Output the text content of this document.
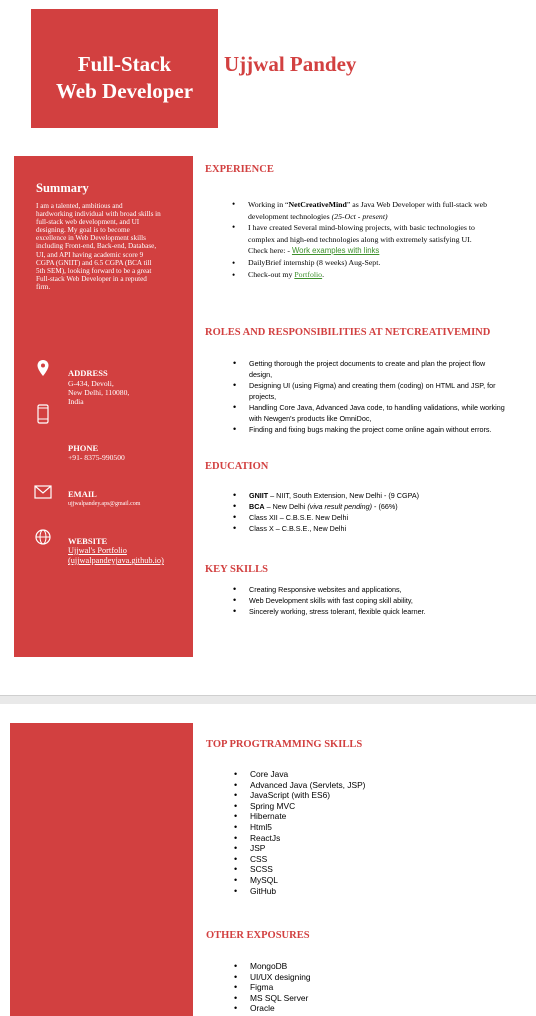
Full-Stack
Web Developer
Ujjwal Pandey
Summary
I am a talented, ambitious and hardworking individual with broad skills in full-stack web development, and UI designing. My goal is to become excellence in Web Development skills including Front-end, Back-end, Database, UI, and API having academic score 9 CGPA (GNIIT) and 6.5 CGPA (BCA till 5th SEM), looking forward to be a great Full-stack Web Developer in a reputed firm.
ADDRESS
G-434, Devoli,
New Delhi, 110080,
India
PHONE
+91- 8375-990500
EMAIL
ujjwalpandey.aps@gmail.com
WEBSITE
Ujjwal's Portfolio
(ujjwalpandeyjava.github.io)
EXPERIENCE
• Working in “NetCreativeMind” as Java Web Developer with full-stack web development technologies (25-Oct - present)
• I have created Several mind-blowing projects, with basic technologies to complex and high-end technologies along with extremely satisfying UI.
Check here: - Work examples with links
• DailyBrief internship (8 weeks) Aug-Sept.
• Check-out my Portfolio.
ROLES AND RESPONSIBILITIES AT NETCREATIVEMIND
• Getting thorough the project documents to create and plan the project flow design,
• Designing UI (using Figma) and creating them (coding) on HTML and JSP, for projects,
• Handling Core Java, Advanced Java code, to handling validations, while working with Newgen's products like OmniDoc,
• Finding and fixing bugs making the project come online again without errors.
EDUCATION
• GNIIT – NIIT, South Extension, New Delhi - (9 CGPA)
• BCA – New Delhi (viva result pending) - (66%)
• Class XII – C.B.S.E. New Delhi
• Class X – C.B.S.E., New Delhi
KEY SKILLS
• Creating Responsive websites and applications,
• Web Development skills with fast coping skill ability,
• Sincerely working, stress tolerant, flexible quick learner.
TOP PROGTRAMMING SKILLS
• Core Java
• Advanced Java (Servlets, JSP)
• JavaScript (with ES6)
• Spring MVC
• Hibernate
• Html5
• ReactJs
• JSP
• CSS
• SCSS
• MySQL
• GitHub
OTHER EXPOSURES
• MongoDB
• UI/UX designing
• Figma
• MS SQL Server
• Oracle
